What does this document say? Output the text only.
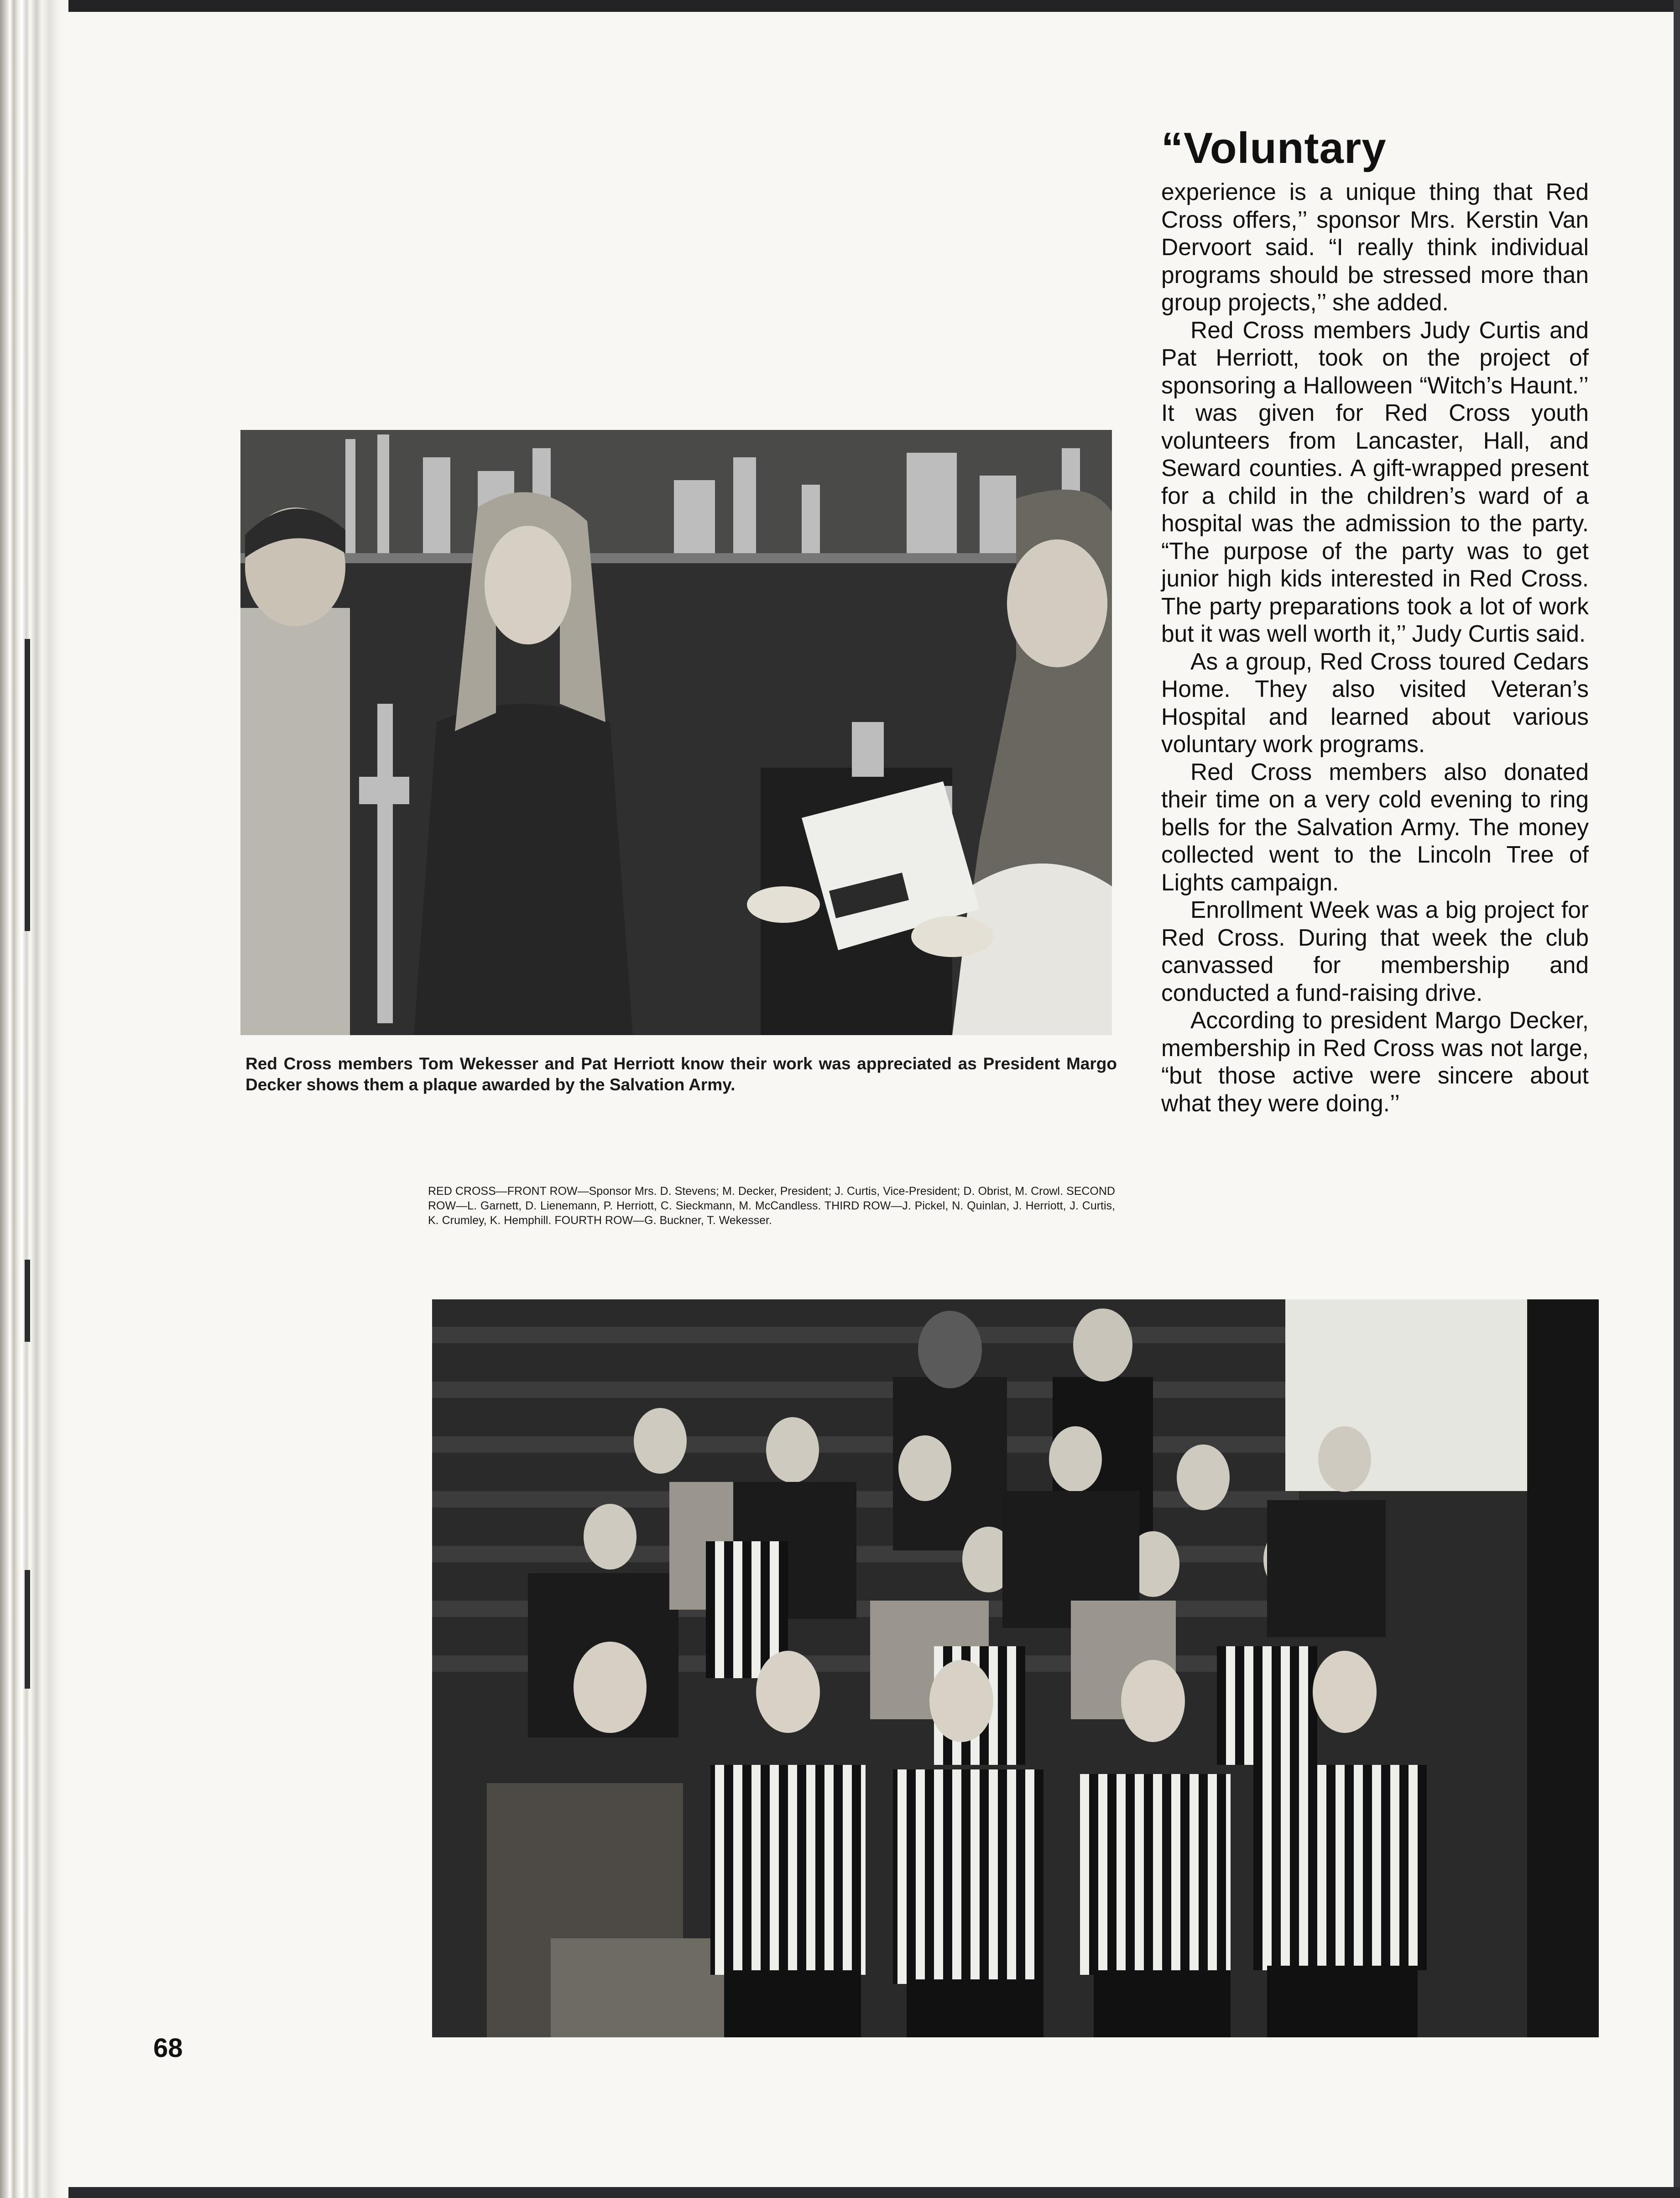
Red Cross members Tom Wekesser and Pat Herriott know their work was appreciated as President Margo Decker shows them a plaque awarded by the Salvation Army.
RED CROSS—FRONT ROW—Sponsor Mrs. D. Stevens; M. Decker, President; J. Curtis, Vice-President; D. Obrist, M. Crowl. SECOND ROW—L. Garnett, D. Lienemann, P. Herriott, C. Sieckmann, M. McCandless. THIRD ROW—J. Pickel, N. Quinlan, J. Herriott, J. Curtis, K. Crumley, K. Hemphill. FOURTH ROW—G. Buckner, T. Wekesser.
“Voluntary

experience is a unique thing that Red Cross offers,’’ sponsor Mrs. Kerstin Van Dervoort said. “I really think individual programs should be stressed more than group projects,’’ she added.

Red Cross members Judy Curtis and Pat Herriott, took on the project of sponsoring a Halloween “Witch’s Haunt.’’ It was given for Red Cross youth volunteers from Lancaster, Hall, and Seward counties. A gift-wrapped present for a child in the children’s ward of a hospital was the admission to the party. “The purpose of the party was to get junior high kids interested in Red Cross. The party preparations took a lot of work but it was well worth it,’’ Judy Curtis said.

As a group, Red Cross toured Cedars Home. They also visited Veteran’s Hospital and learned about various voluntary work programs.

Red Cross members also donated their time on a very cold evening to ring bells for the Salvation Army. The money collected went to the Lincoln Tree of Lights campaign.

Enrollment Week was a big project for Red Cross. During that week the club canvassed for membership and conducted a fund-raising drive.

According to president Margo Decker, membership in Red Cross was not large, “but those active were sincere about what they were doing.’’

68
